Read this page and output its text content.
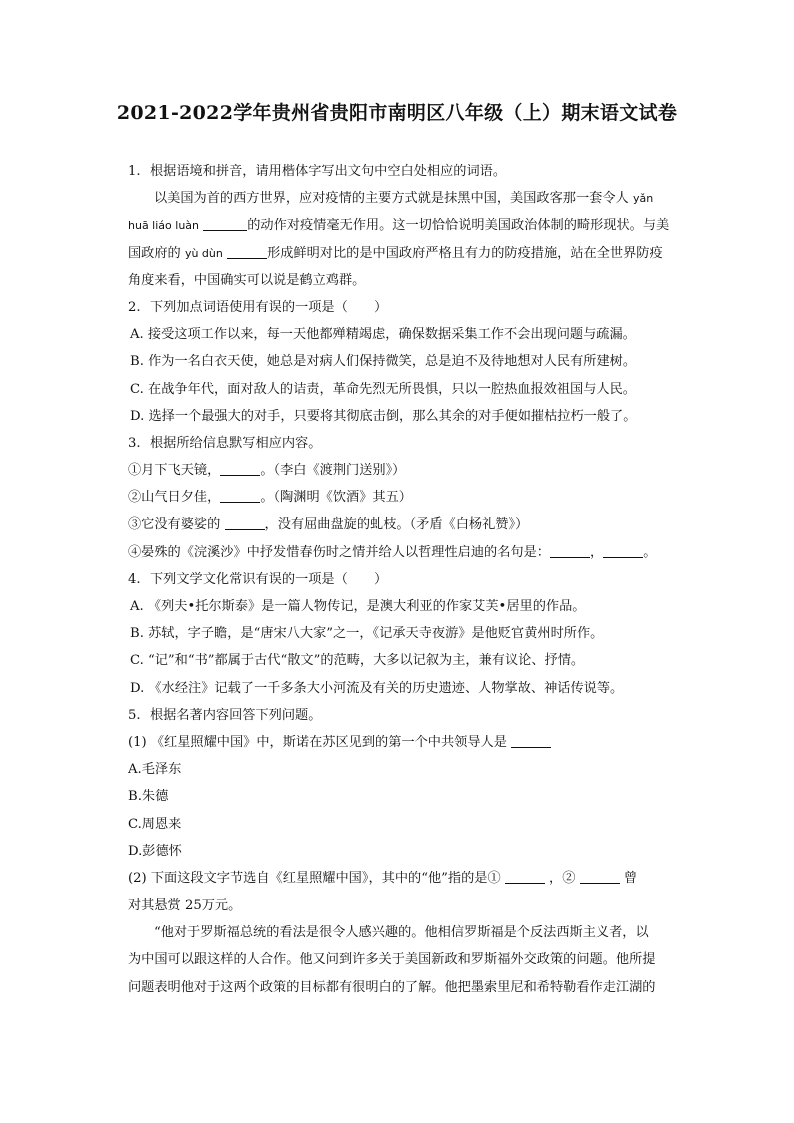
2021-2022学年贵州省贵阳市南明区八年级（上）期末语文试卷
1. 根据语境和拼音，请用楷体字写出文句中空白处相应的词语。
以美国为首的西方世界，应对疫情的主要方式就是抹黑中国，美国政客那一套令人 yǎn
huā liáo luàn	的动作对疫情毫无作用。这一切恰恰说明美国政治体制的畸形现状。与美
国政府的 yù dùn	形成鲜明对比的是中国政府严格且有力的防疫措施，站在全世界防疫
角度来看，中国确实可以说是鹤立鸡群。
2. 下列加点词语使用有误的一项是（　　）
A. 接受这项工作以来，每一天他都殚精竭虑，确保数据采集工作不会出现问题与疏漏。
B. 作为一名白衣天使，她总是对病人们保持微笑，总是迫不及待地想对人民有所建树。
C. 在战争年代，面对敌人的诘责，革命先烈无所畏惧，只以一腔热血报效祖国与人民。
D. 选择一个最强大的对手，只要将其彻底击倒，那么其余的对手便如摧枯拉朽一般了。
3. 根据所给信息默写相应内容。
①月下飞天镜，	。（李白《渡荆门送别》）
②山气日夕佳，	。（陶渊明《饮酒》其五）
③它没有婆娑的	，没有屈曲盘旋的虬枝。（矛盾《白杨礼赞》）
④晏殊的《浣溪沙》中抒发惜春伤时之情并给人以哲理性启迪的名句是：	，	。
4. 下列文学文化常识有误的一项是（　　）
A. 《列夫•托尔斯泰》是一篇人物传记，是澳大利亚的作家艾芙•居里的作品。
B. 苏轼，字子瞻，是“唐宋八大家”之一，《记承天寺夜游》是他贬官黄州时所作。
C. “记”和“书”都属于古代“散文”的范畴，大多以记叙为主，兼有议论、抒情。
D. 《水经注》记载了一千多条大小河流及有关的历史遗迹、人物掌故、神话传说等。
5. 根据名著内容回答下列问题。
(1) 《红星照耀中国》中，斯诺在苏区见到的第一个中共领导人是
A.毛泽东
B.朱德
C.周恩来
D.彭德怀
(2) 下面这段文字节选自《红星照耀中国》，其中的“他”指的是①	，②	曾
对其悬赏 25万元。
“他对于罗斯福总统的看法是很令人感兴趣的。他相信罗斯福是个反法西斯主义者，以
为中国可以跟这样的人合作。他又问到许多关于美国新政和罗斯福外交政策的问题。他所提
问题表明他对于这两个政策的目标都有很明白的了解。他把墨索里尼和希特勒看作走江湖的
